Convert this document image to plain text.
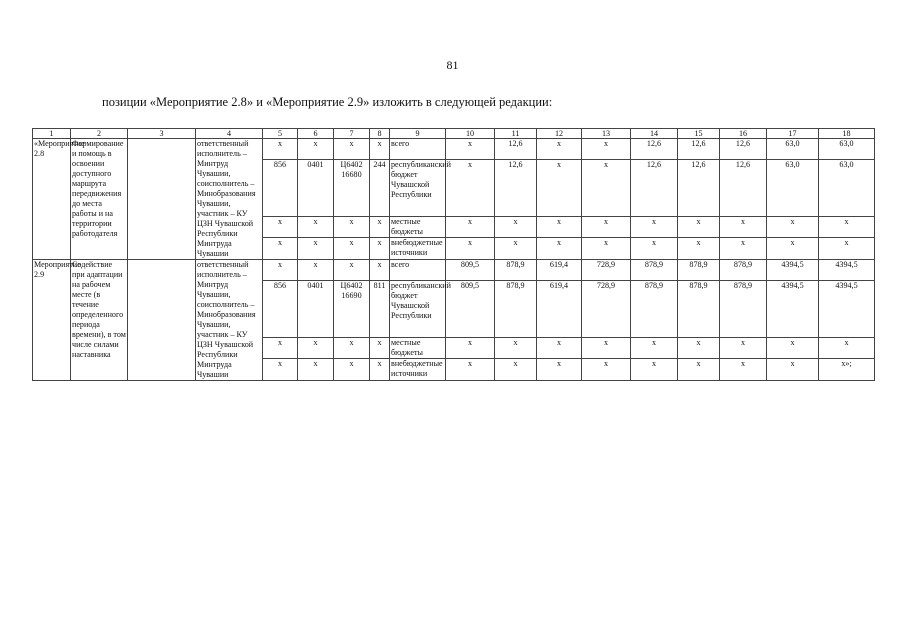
81
позиции «Мероприятие 2.8» и «Мероприятие 2.9» изложить в следующей редакции:
1	2	3	4	5	6	7	8	9	10	11	12	13	14	15	16	17	18
«Мероприятие 2.8	Формирование и помощь в освоении доступного маршрута передвижения до места работы и на территории работодателя		ответственный исполнитель – Минтруд Чувашии, соисполнитель – Минобразования Чувашии, участник – КУ ЦЗН Чувашской Республики Минтруда Чувашии	x	x	x	x	всего	x	12,6	x	x	12,6	12,6	12,6	63,0	63,0
				856	0401	Ц6402 16680	244	республиканский бюджет Чувашской Республики	x	12,6	x	x	12,6	12,6	12,6	63,0	63,0
				x	x	x	x	местные бюджеты	x	x	x	x	x	x	x	x	x
				x	x	x	x	внебюджетные источники	x	x	x	x	x	x	x	x	x
Мероприятие 2.9	Содействие при адаптации на рабочем месте (в течение определенного периода времени), в том числе силами наставника		ответственный исполнитель – Минтруд Чувашии, соисполнитель – Минобразования Чувашии, участник – КУ ЦЗН Чувашской Республики Минтруда Чувашии	x	x	x	x	всего	809,5	878,9	619,4	728,9	878,9	878,9	878,9	4394,5	4394,5
				856	0401	Ц6402 16690	811	республиканский бюджет Чувашской Республики	809,5	878,9	619,4	728,9	878,9	878,9	878,9	4394,5	4394,5
				x	x	x	x	местные бюджеты	x	x	x	x	x	x	x	x	x
				x	x	x	x	внебюджетные источники	x	x	x	x	x	x	x	x	x»;
